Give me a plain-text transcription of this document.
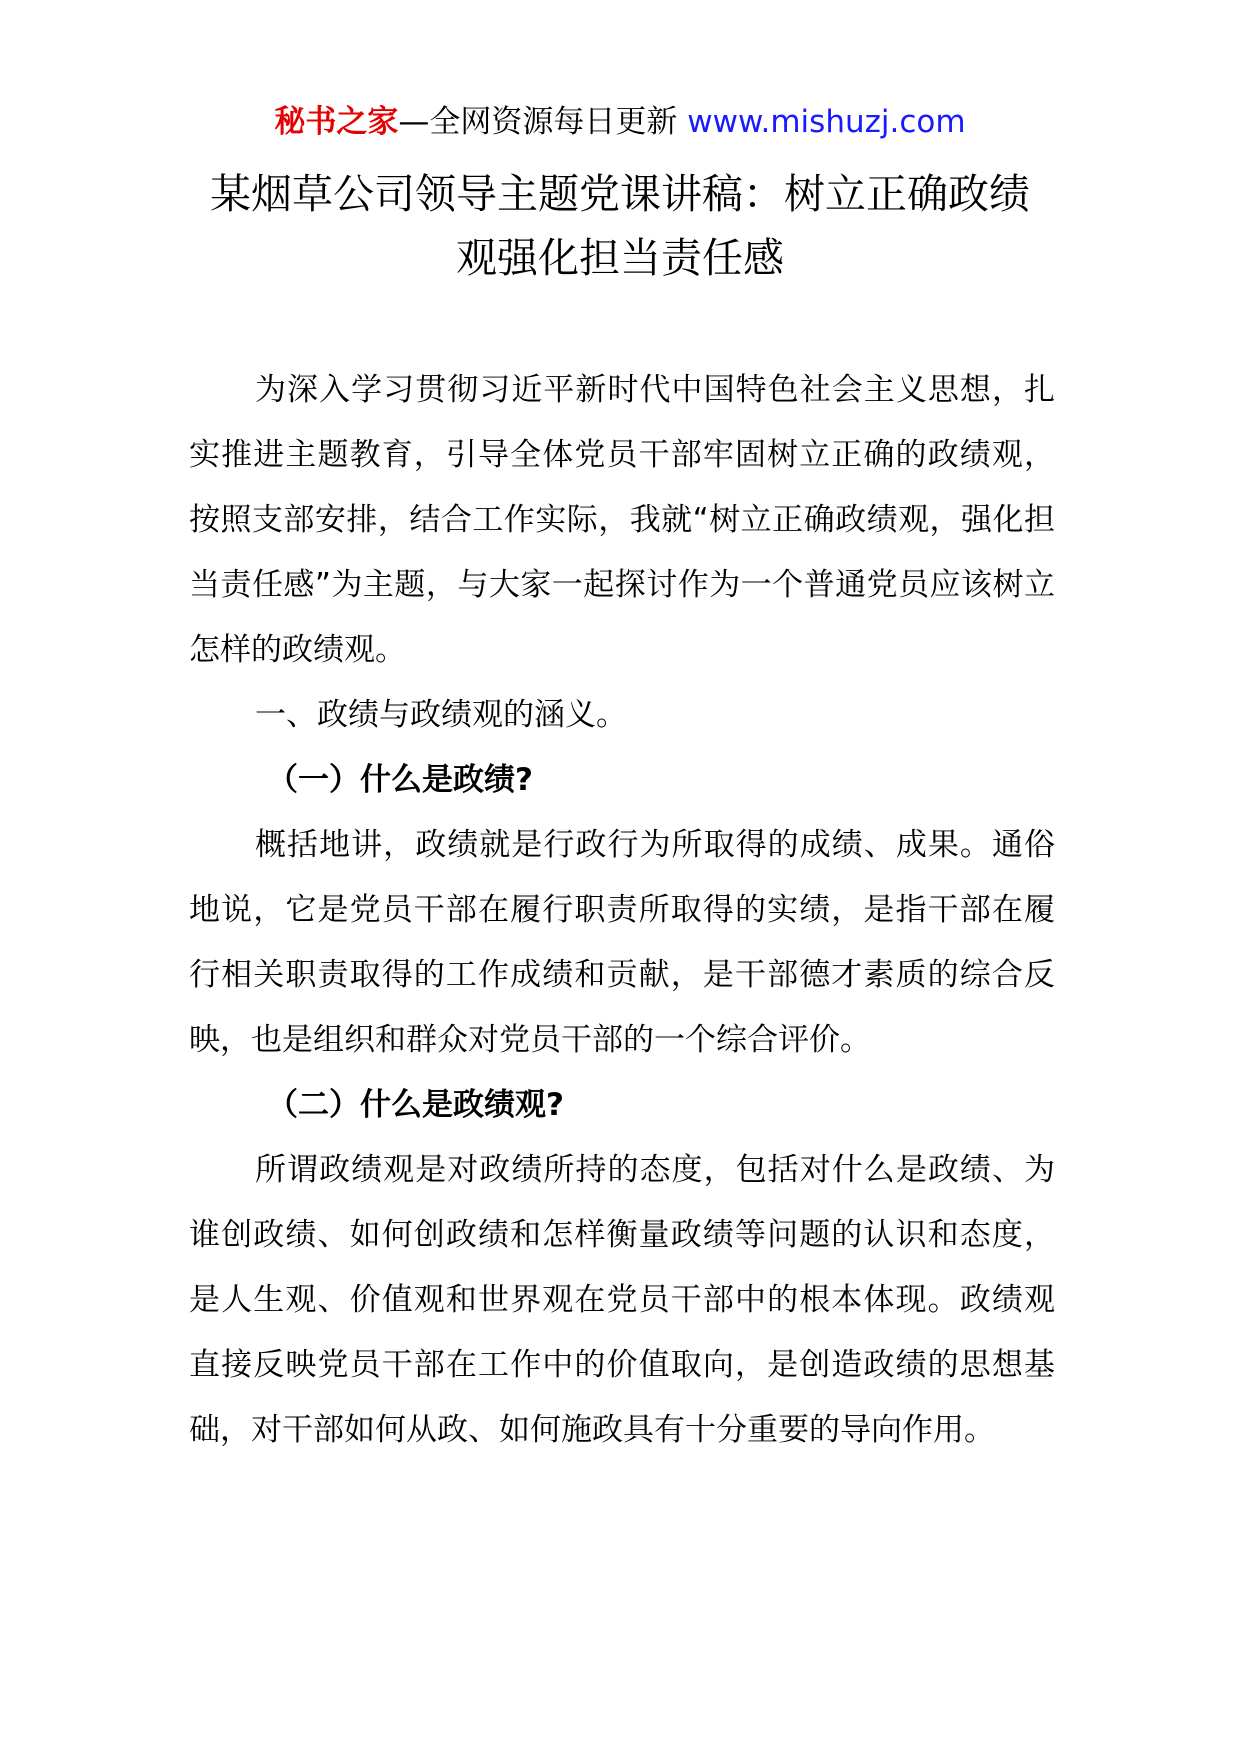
秘书之家—全网资源每日更新 www.mishuzj.com
某烟草公司领导主题党课讲稿：树立正确政绩
观强化担当责任感

为深入学习贯彻习近平新时代中国特色社会主义思想，扎实推进主题教育，引导全体党员干部牢固树立正确的政绩观，按照支部安排，结合工作实际，我就“树立正确政绩观，强化担当责任感”为主题，与大家一起探讨作为一个普通党员应该树立怎样的政绩观。

一、政绩与政绩观的涵义。

（一）什么是政绩?

概括地讲，政绩就是行政行为所取得的成绩、成果。通俗地说，它是党员干部在履行职责所取得的实绩，是指干部在履行相关职责取得的工作成绩和贡献，是干部德才素质的综合反映，也是组织和群众对党员干部的一个综合评价。

（二）什么是政绩观?

所谓政绩观是对政绩所持的态度，包括对什么是政绩、为谁创政绩、如何创政绩和怎样衡量政绩等问题的认识和态度，是人生观、价值观和世界观在党员干部中的根本体现。政绩观直接反映党员干部在工作中的价值取向，是创造政绩的思想基础，对干部如何从政、如何施政具有十分重要的导向作用。
